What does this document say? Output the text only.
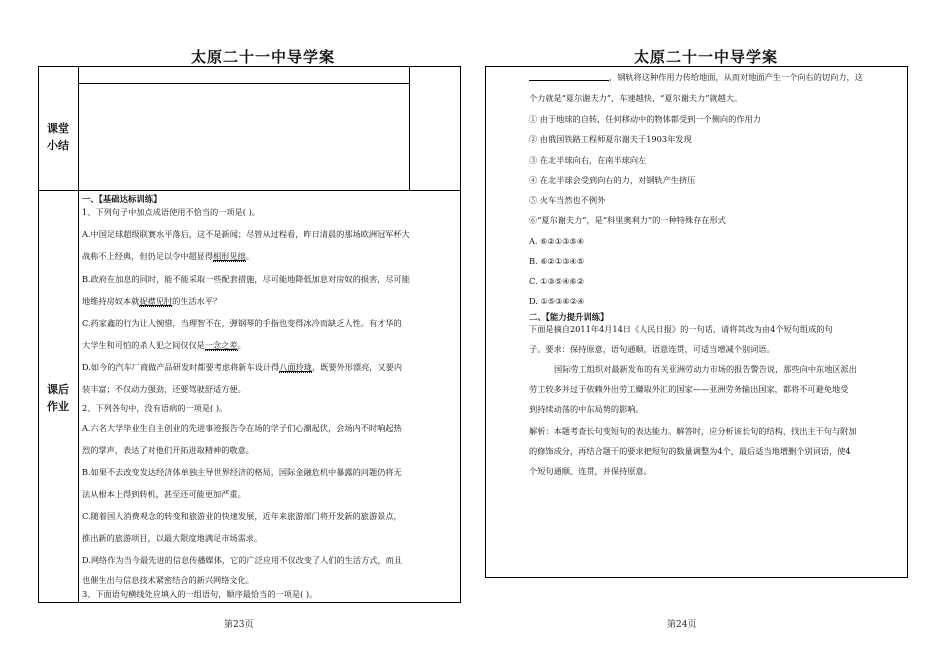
太原二十一中导学案
课堂
小结
课后
作业
一、【基础达标训练】
1、下列句子中加点成语使用不恰当的一项是( )。
A.中国足球超级联赛水平落后，这不是新闻；尽管从过程看，昨日清晨的那场欧洲冠军杯大
战称不上经典，但仍足以令中超显得相形见绌。
B.政府在加息的同时，能不能采取一些配套措施，尽可能地降低加息对房奴的损害，尽可能
地维持房奴本就捉襟见肘的生活水平？
C.药家鑫的行为让人惋惜，当理智不在，弹钢琴的手指也变得冰冷而缺乏人性。有才华的
大学生和可怕的杀人犯之间仅仅是一念之差。
D.如今的汽车厂商做产品研发时都要考虑将新车设计得八面玲珑，既要外形漂亮，又要内
装丰富；不仅动力强劲，还要驾驶舒适方便。
2、下列各句中，没有语病的一项是( )。
A.六名大学毕业生自主创业的先进事迹报告令在场的学子们心潮起伏，会场内不时响起热
烈的掌声，表达了对他们开拓进取精神的敬意。
B.如果不去改变发达经济体单独主导世界经济的格局，国际金融危机中暴露的问题仍将无
法从根本上得到转机，甚至还可能更加严重。
C.随着国人消费观念的转变和旅游业的快速发展，近年来旅游部门将开发新的旅游景点，
推出新的旅游项目，以最大限度地满足市场需求。
D.网络作为当今最先进的信息传播媒体，它的广泛应用不仅改变了人们的生活方式，而且
也催生出与信息技术紧密结合的新兴网络文化。
3、下面语句横线处应填入的一组语句，顺序最恰当的一项是( )。
第23页
太原二十一中导学案
，钢轨将这种作用力传给地面，从而对地面产生一个向右的切向力，这
个力就是“夏尔谢夫力”，车速越快，“夏尔谢夫力”就越大。
① 由于地球的自转，任何移动中的物体都受到一个侧向的作用力
② 由俄国铁路工程师夏尔谢夫于1903年发现
③ 在北半球向右，在南半球向左
④ 在北半球会受到向右的力，对钢轨产生挤压
⑤ 火车当然也不例外
⑥“夏尔谢夫力”，是“科里奥利力”的一种特殊存在形式
A. ⑥②①③⑤④
B. ⑥②①③④⑤
C. ①③⑤④⑥②
D. ①⑤③⑥②④
二、【能力提升训练】
下面是摘自2011年4月14日《人民日报》的一句话，请将其改为由4个短句组成的句
子。要求：保持原意，语句通顺，语意连贯，可适当增减个别词语。
国际劳工组织对最新发布的有关亚洲劳动力市场的报告警告说，那些向中东地区派出
劳工较多并过于依赖外出劳工赚取外汇的国家——亚洲劳务输出国家，都将不可避免地受
到持续动荡的中东局势的影响。
解析：本题考查长句变短句的表达能力。解答时，应分析该长句的结构，找出主干句与附加
的修饰成分，再结合题干的要求把短句的数量调整为4个，最后适当地增删个别词语，使4
个短句通顺、连贯，并保持原意。
第24页
